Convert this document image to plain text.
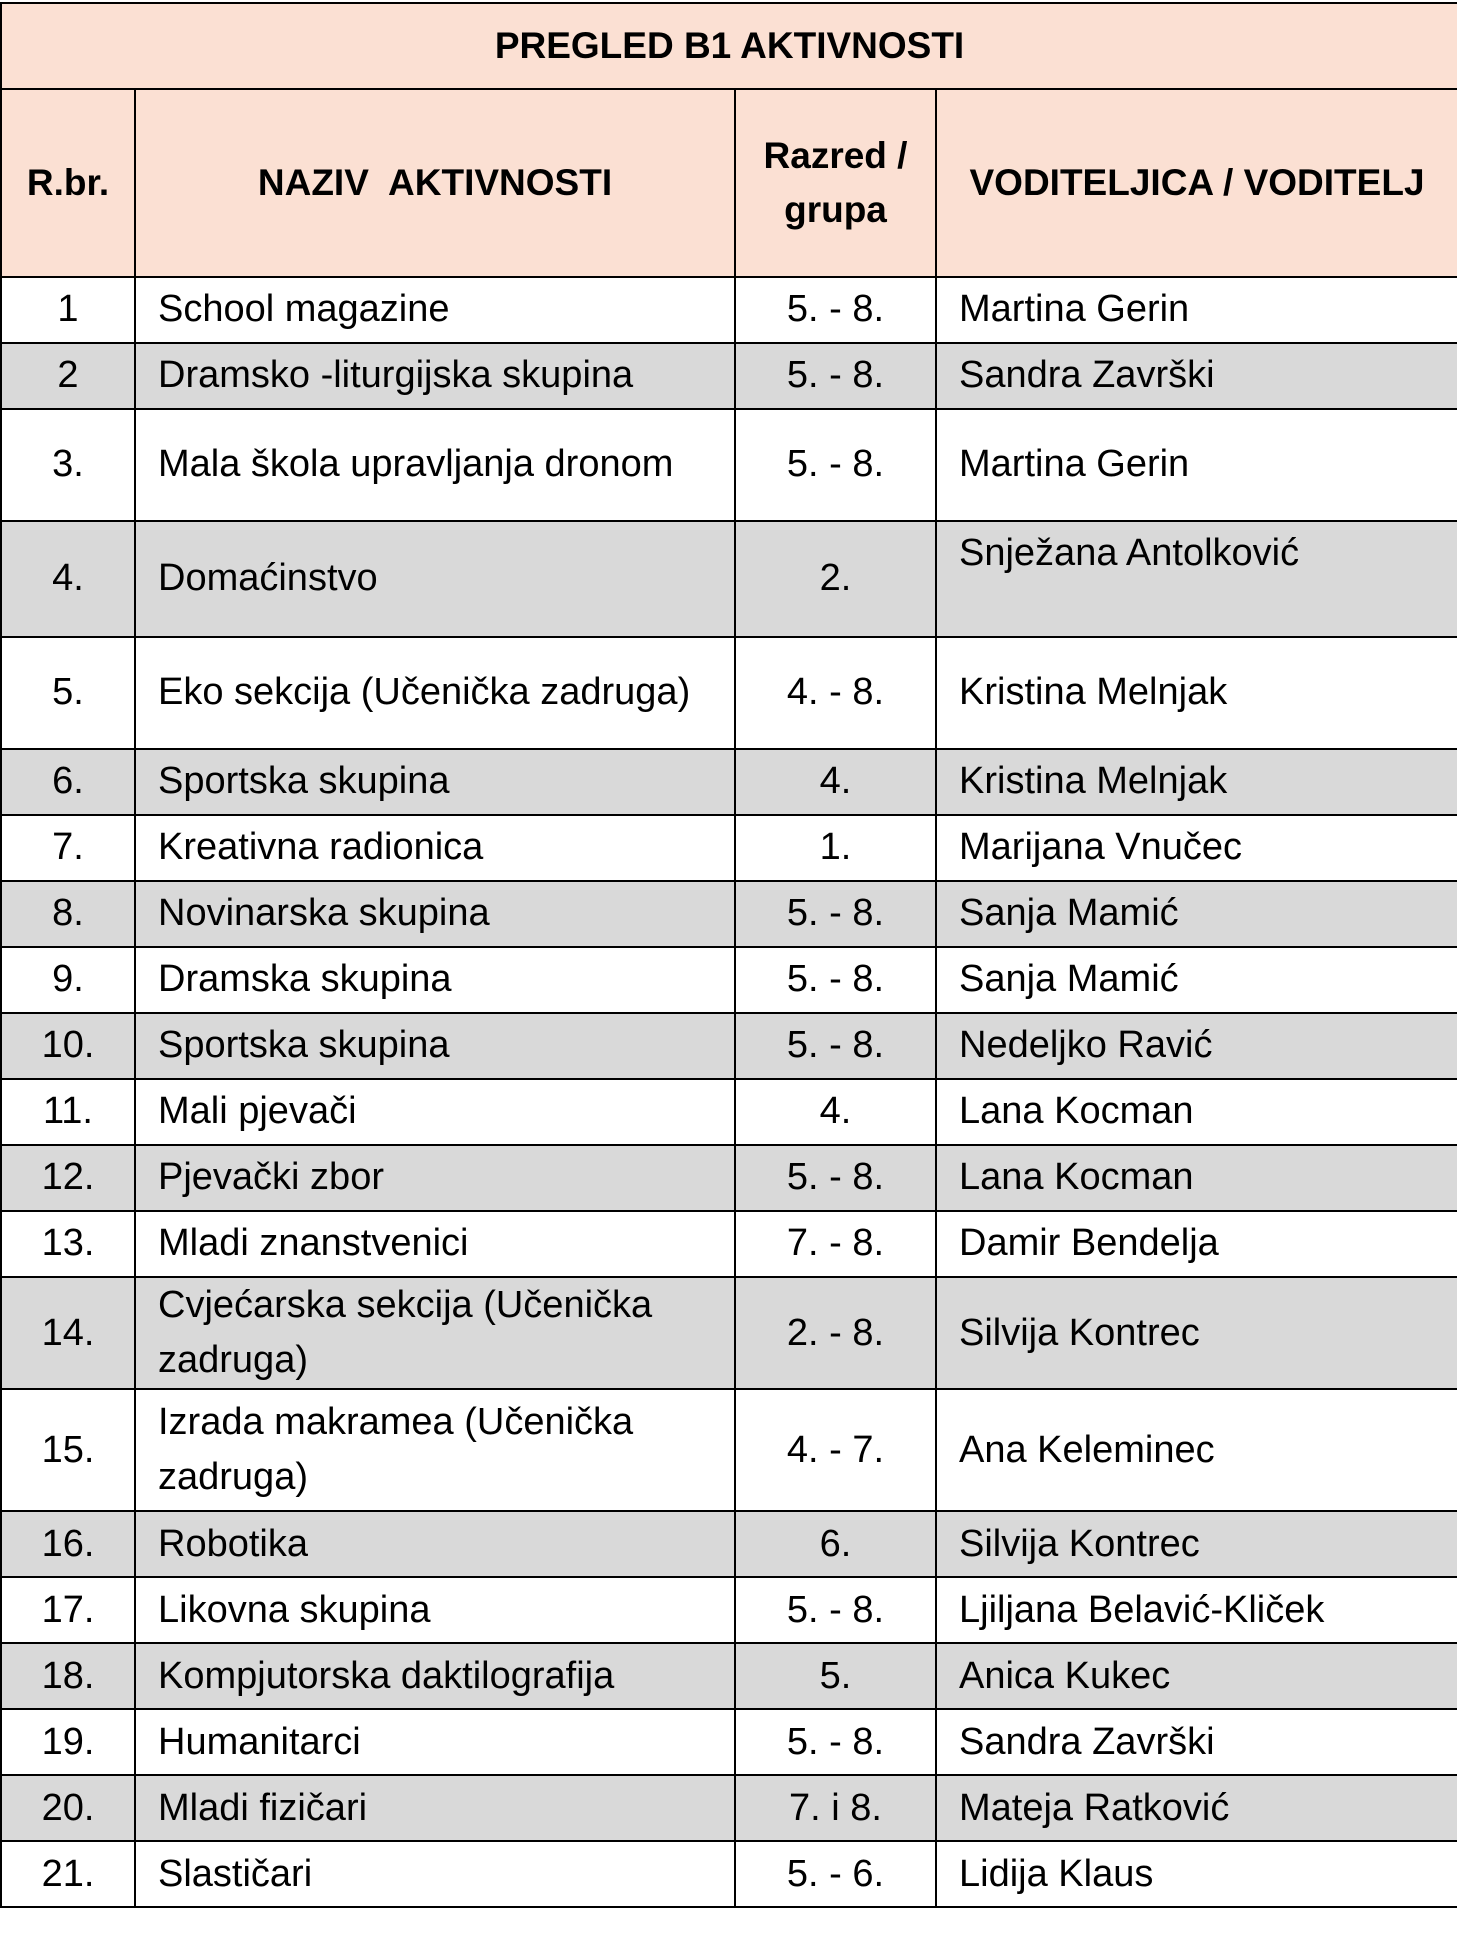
PREGLED B1 AKTIVNOSTI			
R.br.	NAZIV  AKTIVNOSTI	Razred / grupa	VODITELJICA / VODITELJ
1	School magazine	5. - 8.	Martina Gerin
2	Dramsko -liturgijska skupina	5. - 8.	Sandra Završki
3.	Mala škola upravljanja dronom	5. - 8.	Martina Gerin
4.	Domaćinstvo	2.	Snježana Antolković
5.	Eko sekcija (Učenička zadruga)	4. - 8.	Kristina Melnjak
6.	Sportska skupina	4.	Kristina Melnjak
7.	Kreativna radionica	1.	Marijana Vnučec
8.	Novinarska skupina	5. - 8.	Sanja Mamić
9.	Dramska skupina	5. - 8.	Sanja Mamić
10.	Sportska skupina	5. - 8.	Nedeljko Ravić
11.	Mali pjevači	4.	Lana Kocman
12.	Pjevački zbor	5. - 8.	Lana Kocman
13.	Mladi znanstvenici	7. - 8.	Damir Bendelja
14.	Cvjećarska sekcija (Učenička zadruga)	2. - 8.	Silvija Kontrec
15.	Izrada makramea (Učenička zadruga)	4. - 7.	Ana Keleminec
16.	Robotika	6.	Silvija Kontrec
17.	Likovna skupina	5. - 8.	Ljiljana Belavić-Kliček
18.	Kompjutorska daktilografija	5.	Anica Kukec
19.	Humanitarci	5. - 8.	Sandra Završki
20.	Mladi fizičari	7. i 8.	Mateja Ratković
21.	Slastičari	5. - 6.	Lidija Klaus
